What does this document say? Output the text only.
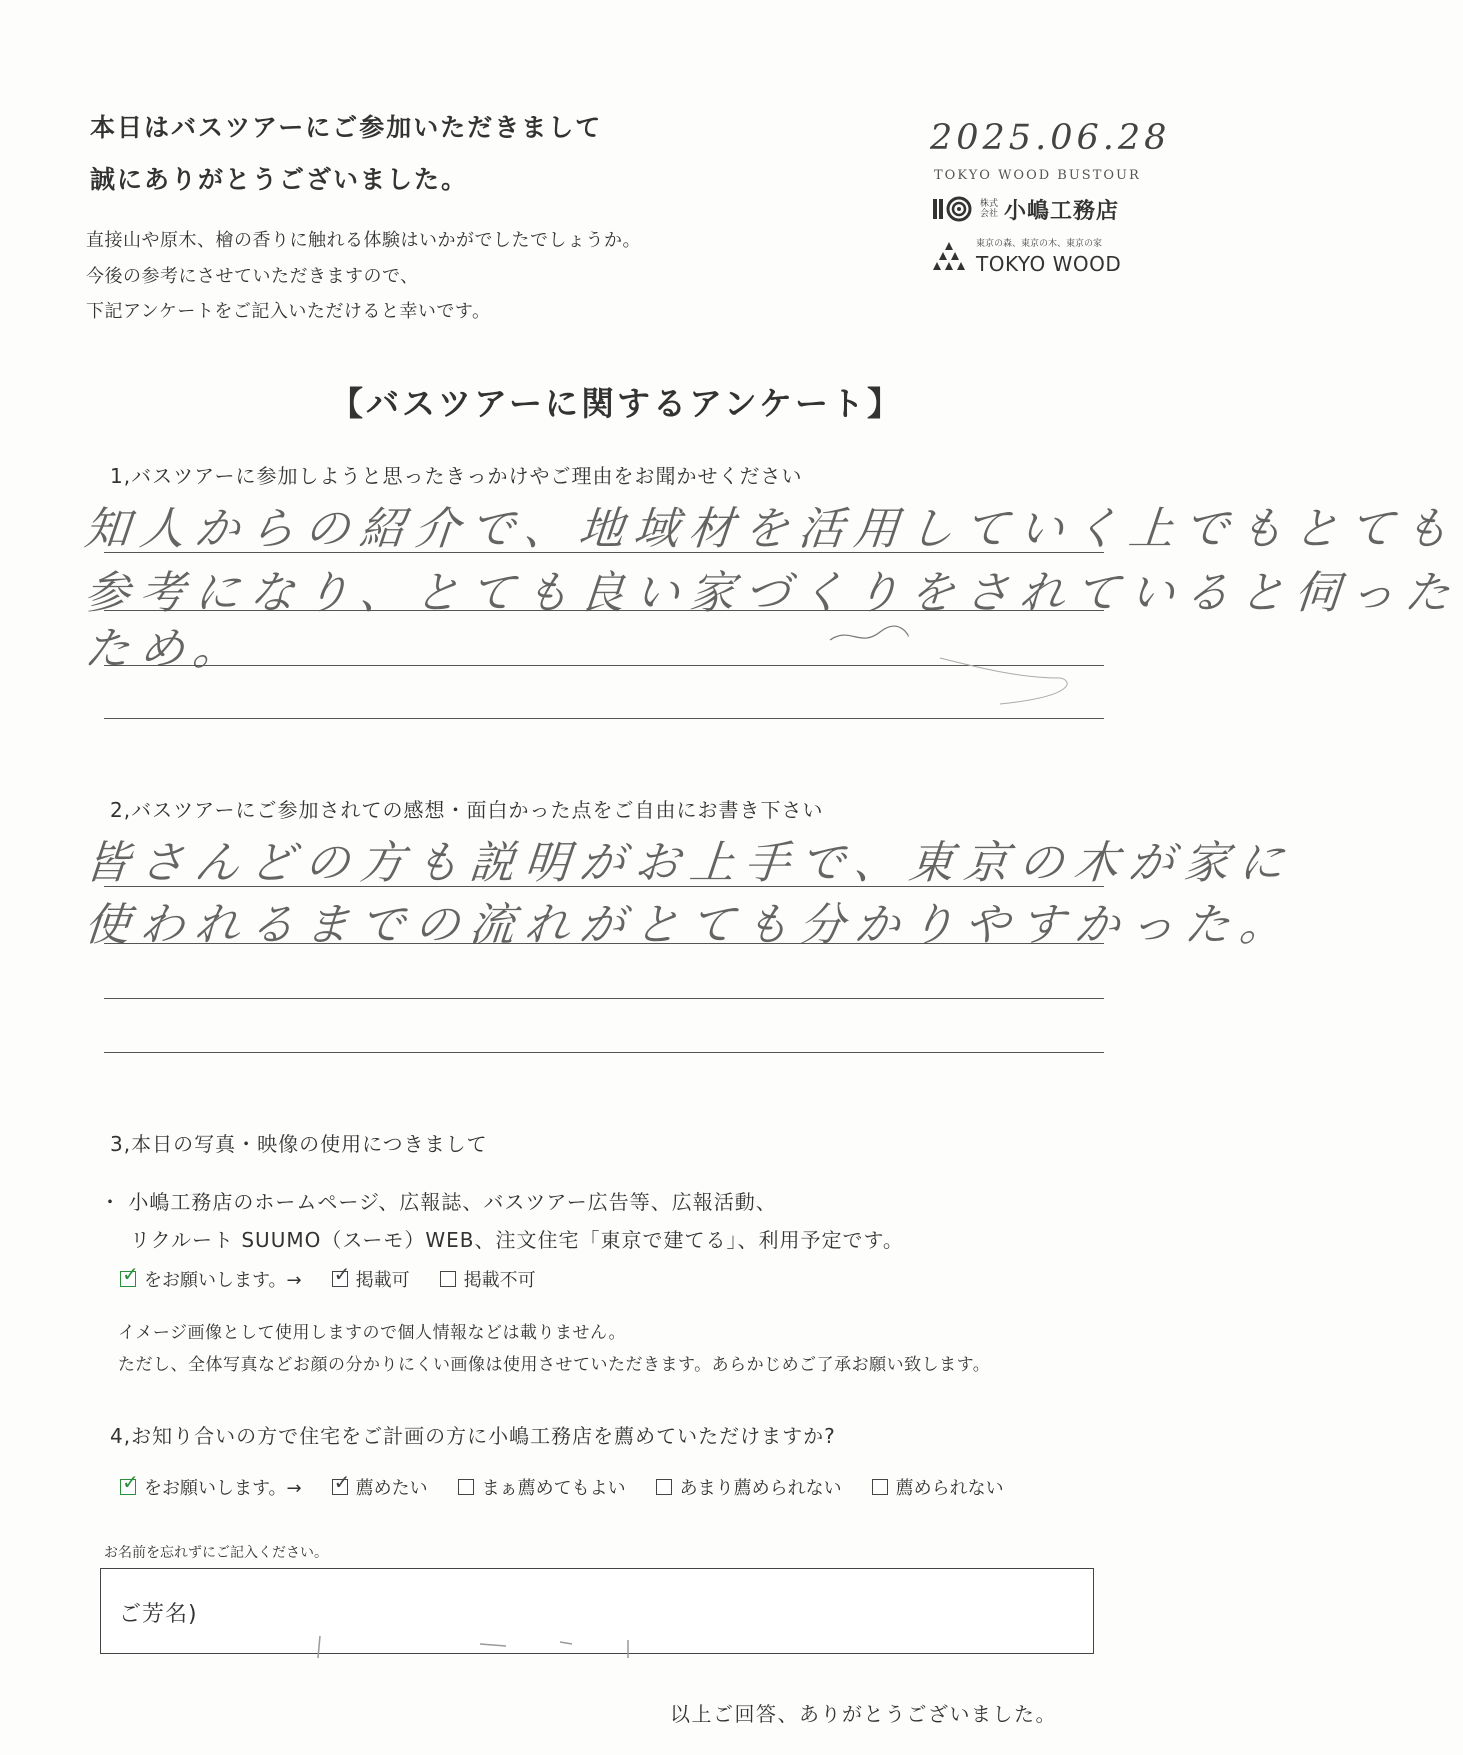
本日はバスツアーにご参加いただきまして
誠にありがとうございました。
直接山や原木、檜の香りに触れる体験はいかがでしたでしょうか。
今後の参考にさせていただきますので、
下記アンケートをご記入いただけると幸いです。
2025.06.28
TOKYO WOOD BUSTOUR
株式会社 小嶋工務店
東京の森、東京の木、東京の家
TOKYO WOOD
【バスツアーに関するアンケート】
1,バスツアーに参加しようと思ったきっかけやご理由をお聞かせください
知人からの紹介で、地域材を活用していく上でもとても
参考になり、とても良い家づくりをされていると伺った
ため。
2,バスツアーにご参加されての感想・面白かった点をご自由にお書き下さい
皆さんどの方も説明がお上手で、東京の木が家に
使われるまでの流れがとても分かりやすかった。
3,本日の写真・映像の使用につきまして
・ 小嶋工務店のホームページ、広報誌、バスツアー広告等、広報活動、
リクルート SUUMO（スーモ）WEB、注文住宅「東京で建てる」、利用予定です。
✓ をお願いします。→ ✓ 掲載可	掲載不可
イメージ画像として使用しますので個人情報などは載りません。
ただし、全体写真などお顔の分かりにくい画像は使用させていただきます。あらかじめご了承お願い致します。
4,お知り合いの方で住宅をご計画の方に小嶋工務店を薦めていただけますか?
✓ をお願いします。→ ✓ 薦めたい	まぁ薦めてもよい	あまり薦められない	薦められない
お名前を忘れずにご記入ください。
ご芳名)
以上ご回答、ありがとうございました。
